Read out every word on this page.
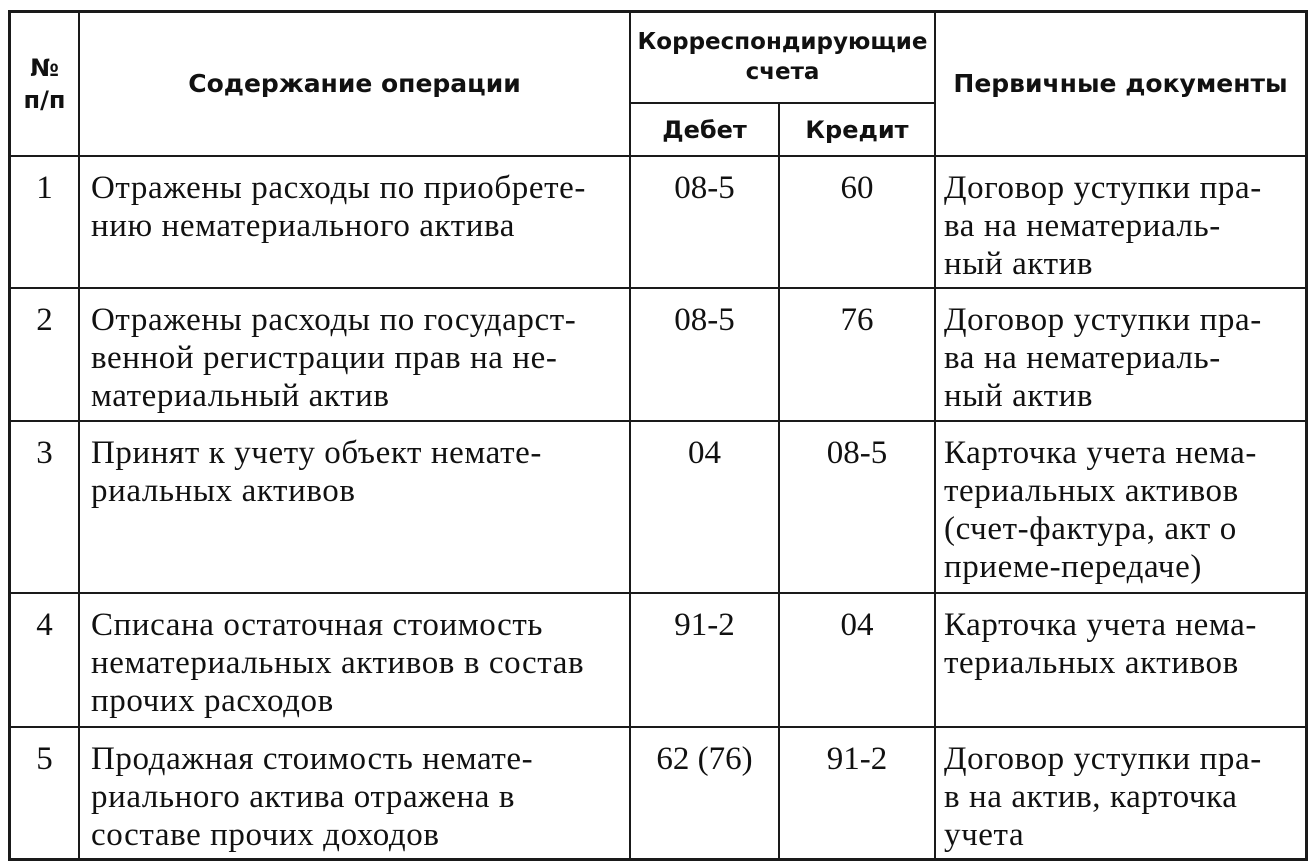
№
п/п	Содержание операции	Корреспондирующие
счета		Первичные документы
		Дебет	Кредит	

1	Отражены расходы по приобрете-
нию нематериального актива	08-5	60	Договор уступки пра-
ва на нематериаль-
ный актив

2	Отражены расходы по государст-
венной регистрации прав на не-
материальный актив	08-5	76	Договор уступки пра-
ва на нематериаль-
ный актив

3	Принят к учету объект немате-
риальных активов	04	08-5	Карточка учета нема-
териальных активов
(счет-фактура, акт о
приеме-передаче)

4	Списана остаточная стоимость
нематериальных активов в состав
прочих расходов	91-2	04	Карточка учета нема-
териальных активов

5	Продажная стоимость немате-
риального актива отражена в
составе прочих доходов	62 (76)	91-2	Договор уступки пра-
в на актив, карточка
учета
